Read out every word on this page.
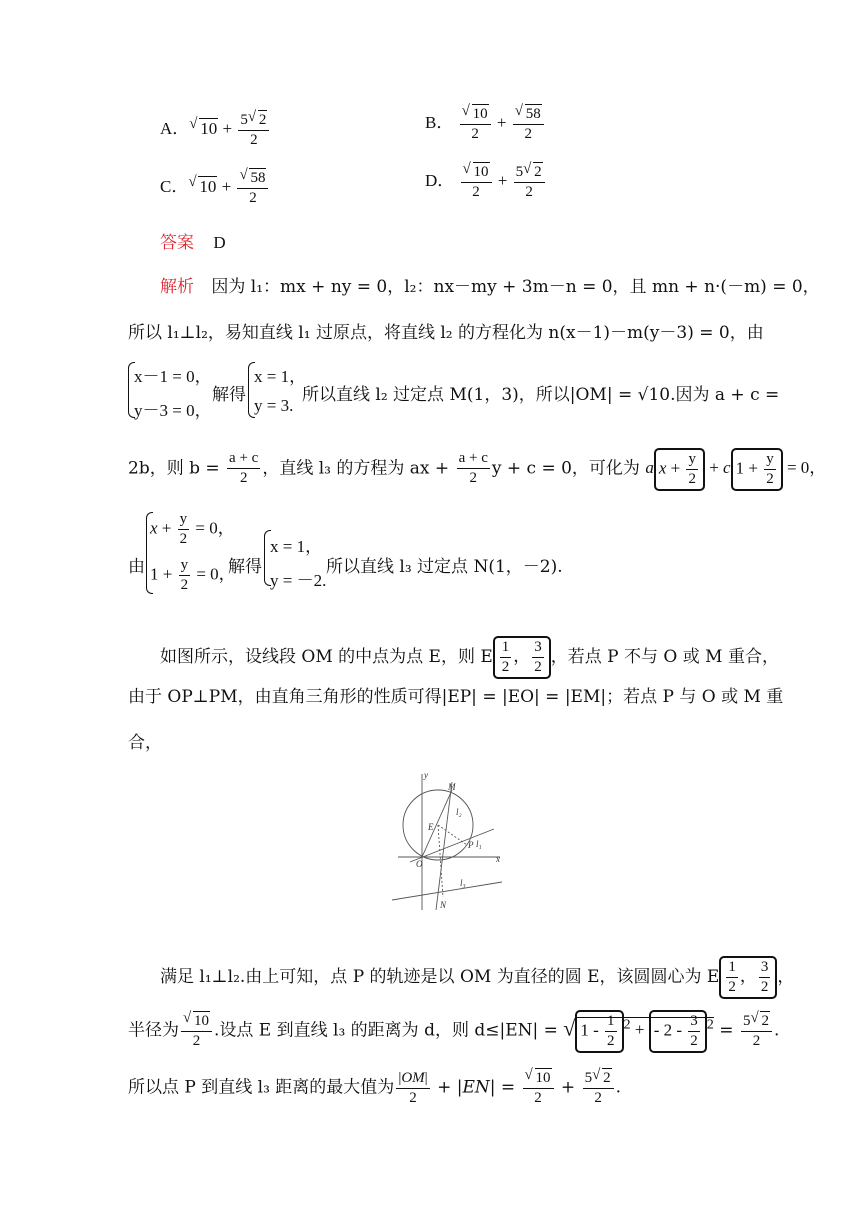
A． √ $10 + \frac{5 √ 2}{2}$	B． √ $\frac{10}{2}$ + √ $\frac{58}{2}$
C． √ 10 + √ $\frac{58}{2}$	D． √ $\frac{10}{2} + \frac{5 √ 2}{2}$
答案 D
解析 因为 l₁：mx + ny = 0，l₂：nx－my + 3m－n = 0，且 mn + n·(－m) = 0，
所以 l₁⊥l₂，易知直线 l₁ 过原点，将直线 l₂ 的方程化为 n(x－1)－m(y－3) = 0，由
x－1 = 0，
y－3 = 0，
解得
x = 1，
y = 3.
所以直线 l₂ 过定点 M(1，3)，所以|OM| = √10.因为 a + c =
2b，则 $b = \frac{a + c}{2}$ ，直线 l₃ 的方程为 ax + $\frac{a + c}{2}$ y + c = 0，可化为 a $x + \frac{y}{2} + c$ $1 + \frac{y}{2} = 0$，
由
$x + \frac{y}{2} = 0$，
$1 + \frac{y}{2} = 0$，
解得
x = 1，
y = －2.
所以直线 l₃ 过定点 N(1，－2).
如图所示，设线段 OM 的中点为点 E，则 E $\frac{1}{2}$ ， $\frac{3}{2}$ ，若点 P 不与 O 或 M 重合，
由于 OP⊥PM，由直角三角形的性质可得|EP| = |EO| = |EM|；若点 P 与 O 或 M 重
合，
y
M
E
l₂
P l₁
O	x
l₃
N
满足 l₁⊥l₂.由上可知，点 P 的轨迹是以 OM 为直径的圆 E，该圆圆心为 E $\frac{1}{2}$ ， $\frac{3}{2}$ ，
半径为 √ $\frac{10}{2}$ .设点 E 到直线 l₃ 的距离为 d，则 d≤|EN| = √ $1 - \frac{1}{2} ^2$ + - $2 - \frac{3}{2} ^2 = \frac{5 √ 2}{2}$ .
所以点 P 到直线 l₃ 距离的最大值为 $\frac{|OM|}{2} + |EN|$ = √ $\frac{10}{2} + \frac{5 √ 2}{2}$ .
